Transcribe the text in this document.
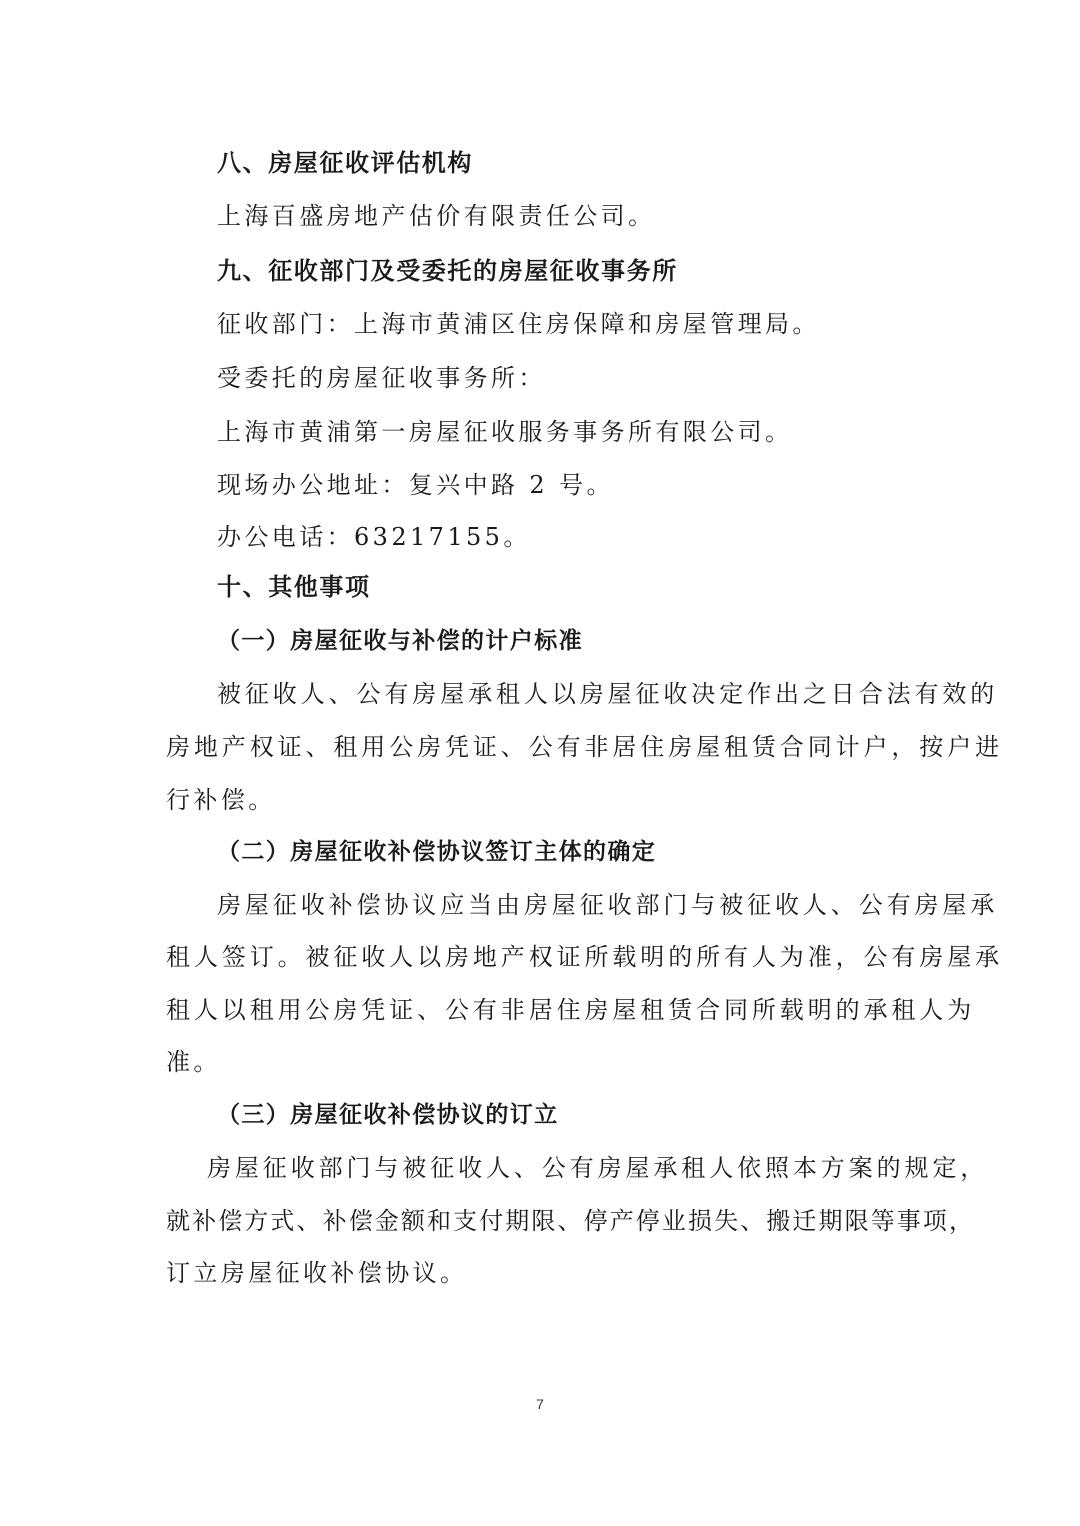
八、房屋征收评估机构
上海百盛房地产估价有限责任公司。
九、征收部门及受委托的房屋征收事务所
征收部门：上海市黄浦区住房保障和房屋管理局。
受委托的房屋征收事务所：
上海市黄浦第一房屋征收服务事务所有限公司。
现场办公地址：复兴中路 2 号。
办公电话：63217155。
十、其他事项
（一）房屋征收与补偿的计户标准
被征收人、公有房屋承租人以房屋征收决定作出之日合法有效的
房地产权证、租用公房凭证、公有非居住房屋租赁合同计户，按户进
行补偿。
（二）房屋征收补偿协议签订主体的确定
房屋征收补偿协议应当由房屋征收部门与被征收人、公有房屋承
租人签订。被征收人以房地产权证所载明的所有人为准，公有房屋承
租人以租用公房凭证、公有非居住房屋租赁合同所载明的承租人为
准。
（三）房屋征收补偿协议的订立
房屋征收部门与被征收人、公有房屋承租人依照本方案的规定，
就补偿方式、补偿金额和支付期限、停产停业损失、搬迁期限等事项，
订立房屋征收补偿协议。
7
